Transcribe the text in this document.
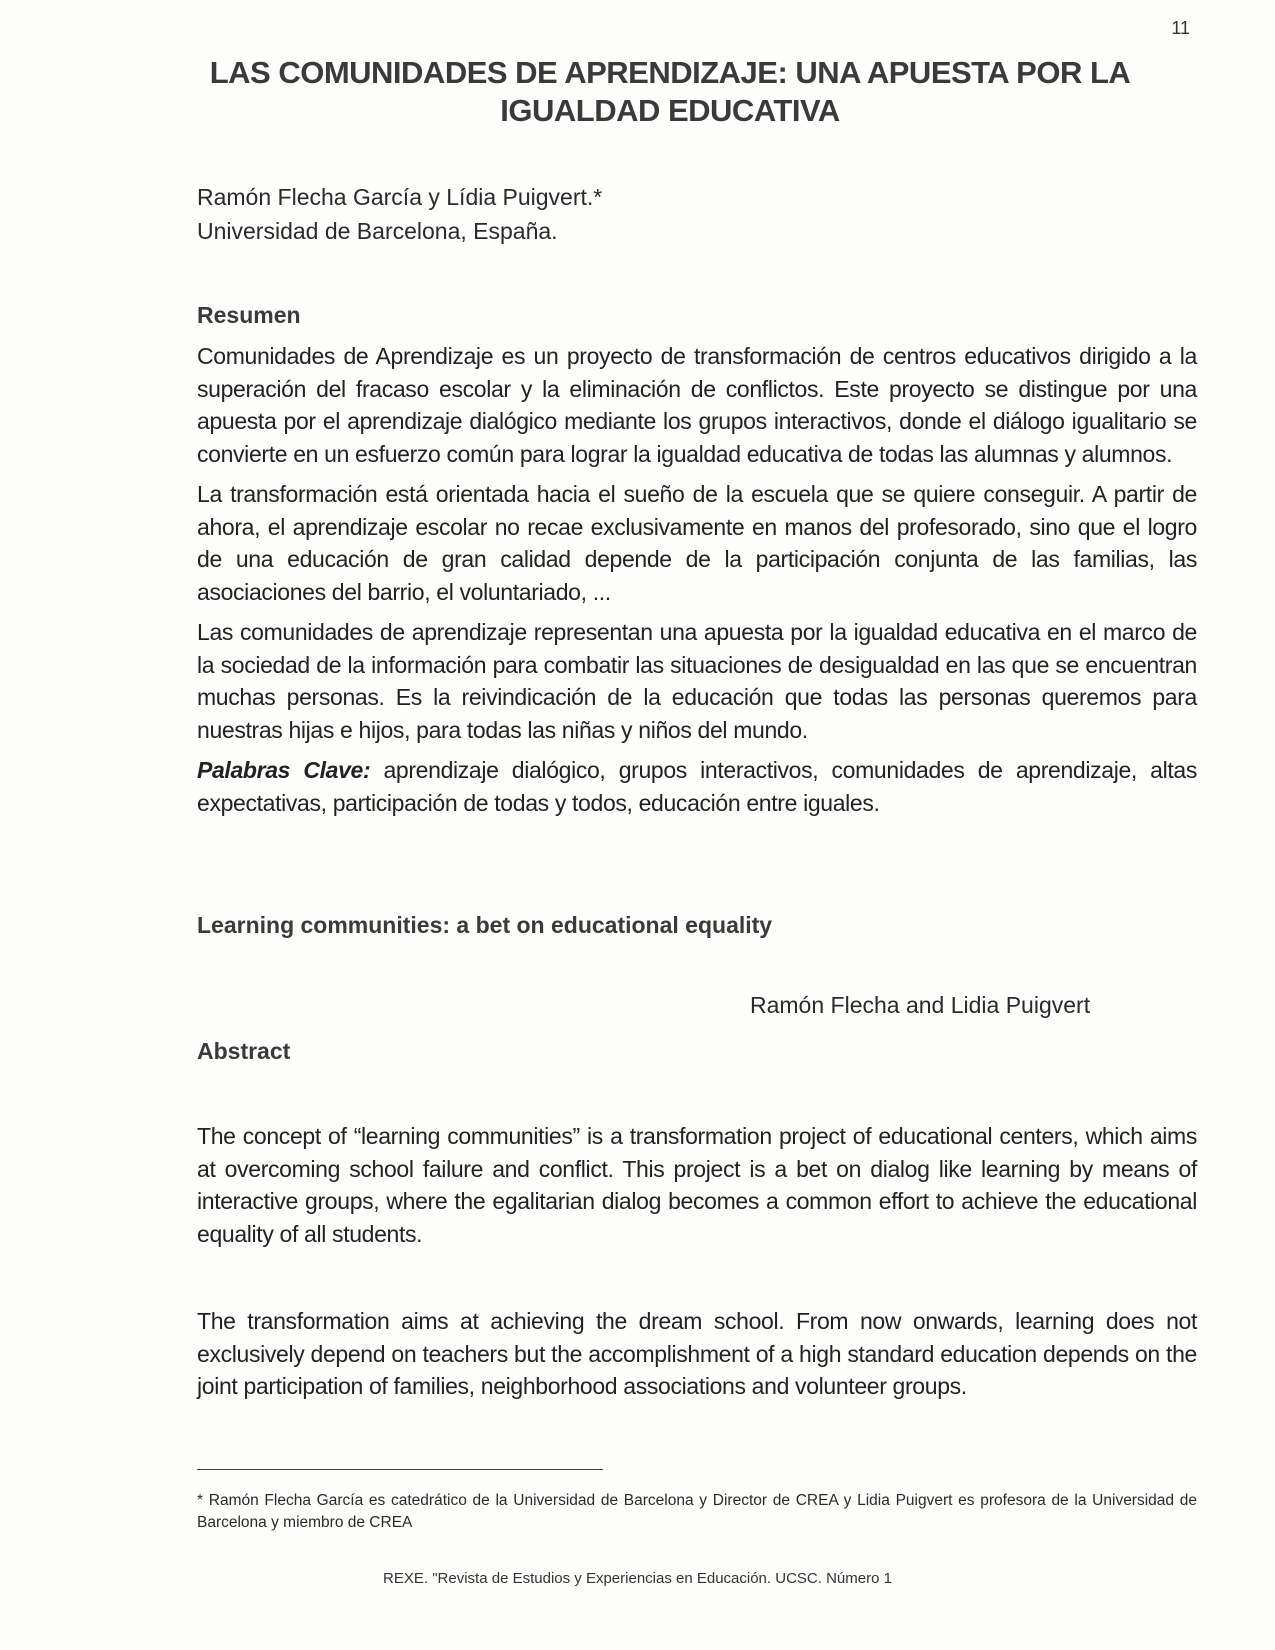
11
LAS COMUNIDADES DE APRENDIZAJE: UNA APUESTA POR LA
IGUALDAD EDUCATIVA
Ramón Flecha García y Lídia Puigvert.*
Universidad de Barcelona, España.
Resumen

Comunidades de Aprendizaje es un proyecto de transformación de centros educativos dirigido a la superación del fracaso escolar y la eliminación de conflictos. Este proyecto se distingue por una apuesta por el aprendizaje dialógico mediante los grupos interactivos, donde el diálogo igualitario se convierte en un esfuerzo común para lograr la igualdad educativa de todas las alumnas y alumnos.

La transformación está orientada hacia el sueño de la escuela que se quiere conseguir. A partir de ahora, el aprendizaje escolar no recae exclusivamente en manos del profesorado, sino que el logro de una educación de gran calidad depende de la participación conjunta de las familias, las asociaciones del barrio, el voluntariado, ...

Las comunidades de aprendizaje representan una apuesta por la igualdad educativa en el marco de la sociedad de la información para combatir las situaciones de desigualdad en las que se encuentran muchas personas. Es la reivindicación de la educación que todas las personas queremos para nuestras hijas e hijos, para todas las niñas y niños del mundo.

Palabras Clave: aprendizaje dialógico, grupos interactivos, comunidades de aprendizaje, altas expectativas, participación de todas y todos, educación entre iguales.

Learning communities: a bet on educational equality
Ramón Flecha and Lidia Puigvert
Abstract
The concept of “learning communities” is a transformation project of educational centers, which aims at overcoming school failure and conflict. This project is a bet on dialog like learning by means of interactive groups, where the egalitarian dialog becomes a common effort to achieve the educational equality of all students.
The transformation aims at achieving the dream school. From now onwards, learning does not exclusively depend on teachers but the accomplishment of a high standard education depends on the joint participation of families, neighborhood associations and volunteer groups.
* Ramón Flecha García es catedrático de la Universidad de Barcelona y Director de CREA y Lidia Puigvert es profesora de la Universidad de Barcelona y miembro de CREA
REXE. "Revista de Estudios y Experiencias en Educación. UCSC. Número 1
